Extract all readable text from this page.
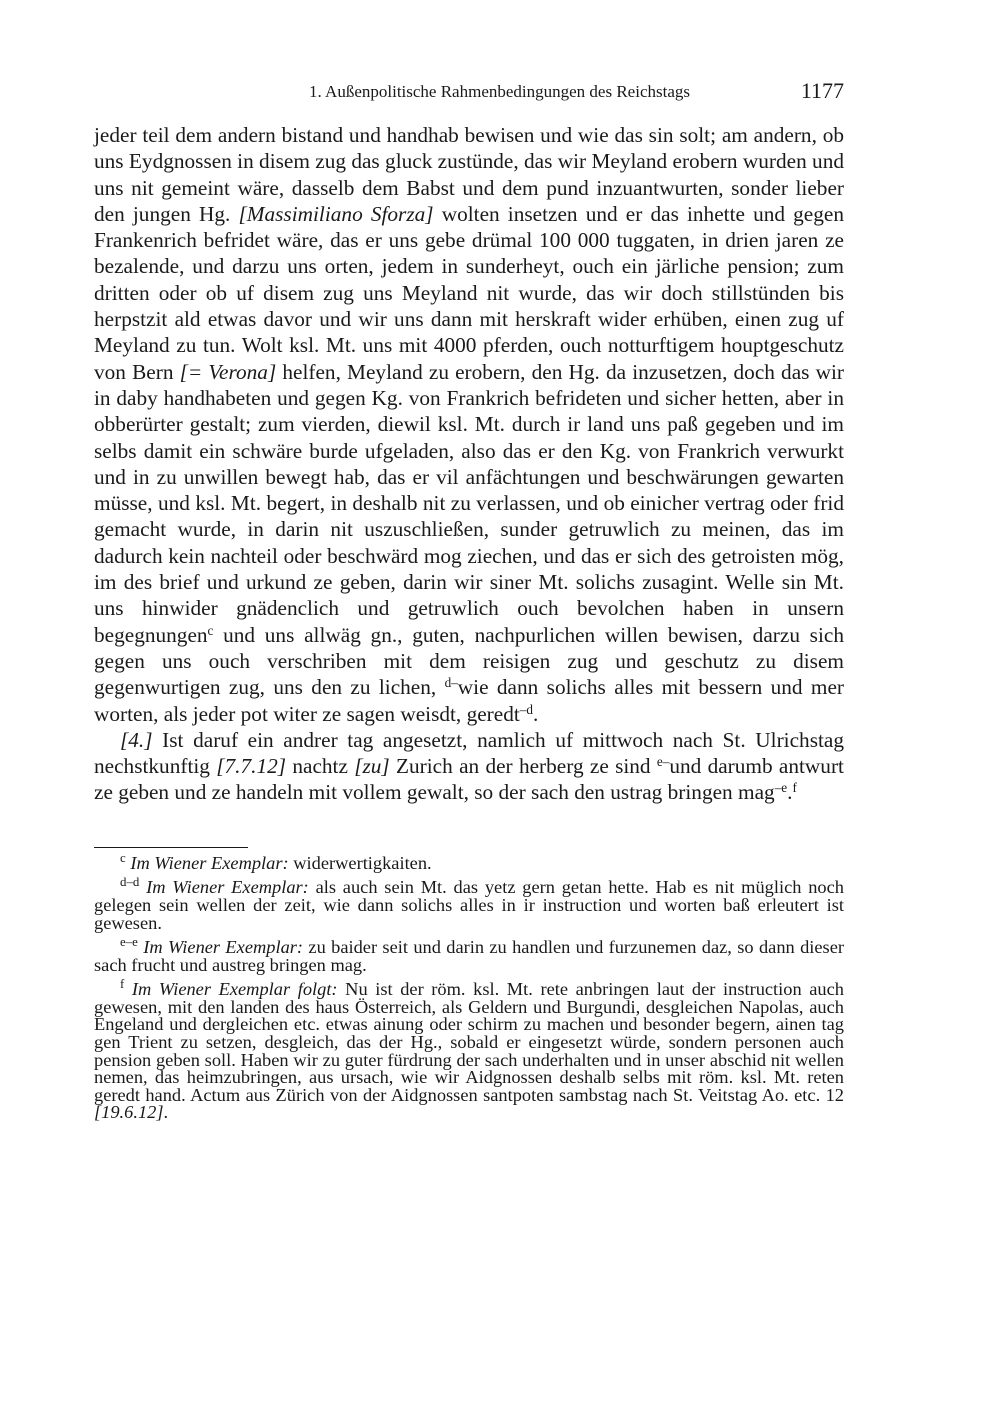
1. Außenpolitische Rahmenbedingungen des Reichstags	1177

jeder teil dem andern bistand und handhab bewisen und wie das sin solt; am andern, ob uns Eydgnossen in disem zug das gluck zustünde, das wir Meyland erobern wurden und uns nit gemeint wäre, dasselb dem Babst und dem pund inzuantwurten, sonder lieber den jungen Hg. [Massimiliano Sforza] wolten insetzen und er das inhette und gegen Frankenrich befridet wäre, das er uns gebe drümal 100 000 tuggaten, in drien jaren ze bezalende, und darzu uns orten, jedem in sunderheyt, ouch ein järliche pension; zum dritten oder ob uf disem zug uns Meyland nit wurde, das wir doch stillstünden bis herpstzit ald etwas davor und wir uns dann mit herskraft wider erhüben, einen zug uf Meyland zu tun. Wolt ksl. Mt. uns mit 4000 pferden, ouch notturftigem houptgeschutz von Bern [= Verona] helfen, Meyland zu erobern, den Hg. da inzusetzen, doch das wir in daby handhabeten und gegen Kg. von Frankrich befrideten und sicher hetten, aber in obberürter gestalt; zum vierden, diewil ksl. Mt. durch ir land uns paß gegeben und im selbs damit ein schwäre burde ufgeladen, also das er den Kg. von Frankrich verwurkt und in zu unwillen bewegt hab, das er vil anfächtungen und beschwärungen gewarten müsse, und ksl. Mt. begert, in deshalb nit zu verlassen, und ob einicher vertrag oder frid gemacht wurde, in darin nit uszuschließen, sunder getruwlich zu meinen, das im dadurch kein nachteil oder beschwärd mog ziechen, und das er sich des getroisten mög, im des brief und urkund ze geben, darin wir siner Mt. solichs zusagint. Welle sin Mt. uns hinwider gnädenclich und getruwlich ouch bevolchen haben in unsern begegnungen$^c$ und uns allwäg gn., guten, nachpurlichen willen bewisen, darzu sich gegen uns ouch verschriben mit dem reisigen zug und geschutz zu disem gegenwurtigen zug, uns den zu lichen, $^{d-}$wie dann solichs alles mit bessern und mer worten, als jeder pot witer ze sagen weisdt, geredt$^{-d}$.

[4.] Ist daruf ein andrer tag angesetzt, namlich uf mittwoch nach St. Ulrichstag nechstkunftig [7.7.12] nachtz [zu] Zurich an der herberg ze sind $^{e-}$und darumb antwurt ze geben und ze handeln mit vollem gewalt, so der sach den ustrag bringen mag$^{-e}$.$^f$

$^c$ Im Wiener Exemplar: widerwertigkaiten.

$^{d-d}$ Im Wiener Exemplar: als auch sein Mt. das yetz gern getan hette. Hab es nit müglich noch gelegen sein wellen der zeit, wie dann solichs alles in ir instruction und worten baß erleutert ist gewesen.

$^{e-e}$ Im Wiener Exemplar: zu baider seit und darin zu handlen und furzunemen daz, so dann dieser sach frucht und austreg bringen mag.

$^f$ Im Wiener Exemplar folgt: Nu ist der röm. ksl. Mt. rete anbringen laut der instruction auch gewesen, mit den landen des haus Österreich, als Geldern und Burgundi, desgleichen Napolas, auch Engeland und dergleichen etc. etwas ainung oder schirm zu machen und besonder begern, ainen tag gen Trient zu setzen, desgleich, das der Hg., sobald er eingesetzt würde, sondern personen auch pension geben soll. Haben wir zu guter fürdrung der sach underhalten und in unser abschid nit wellen nemen, das heimzubringen, aus ursach, wie wir Aidgnossen deshalb selbs mit röm. ksl. Mt. reten geredt hand. Actum aus Zürich von der Aidgnossen santpoten sambstag nach St. Veitstag Ao. etc. 12 [19.6.12].
